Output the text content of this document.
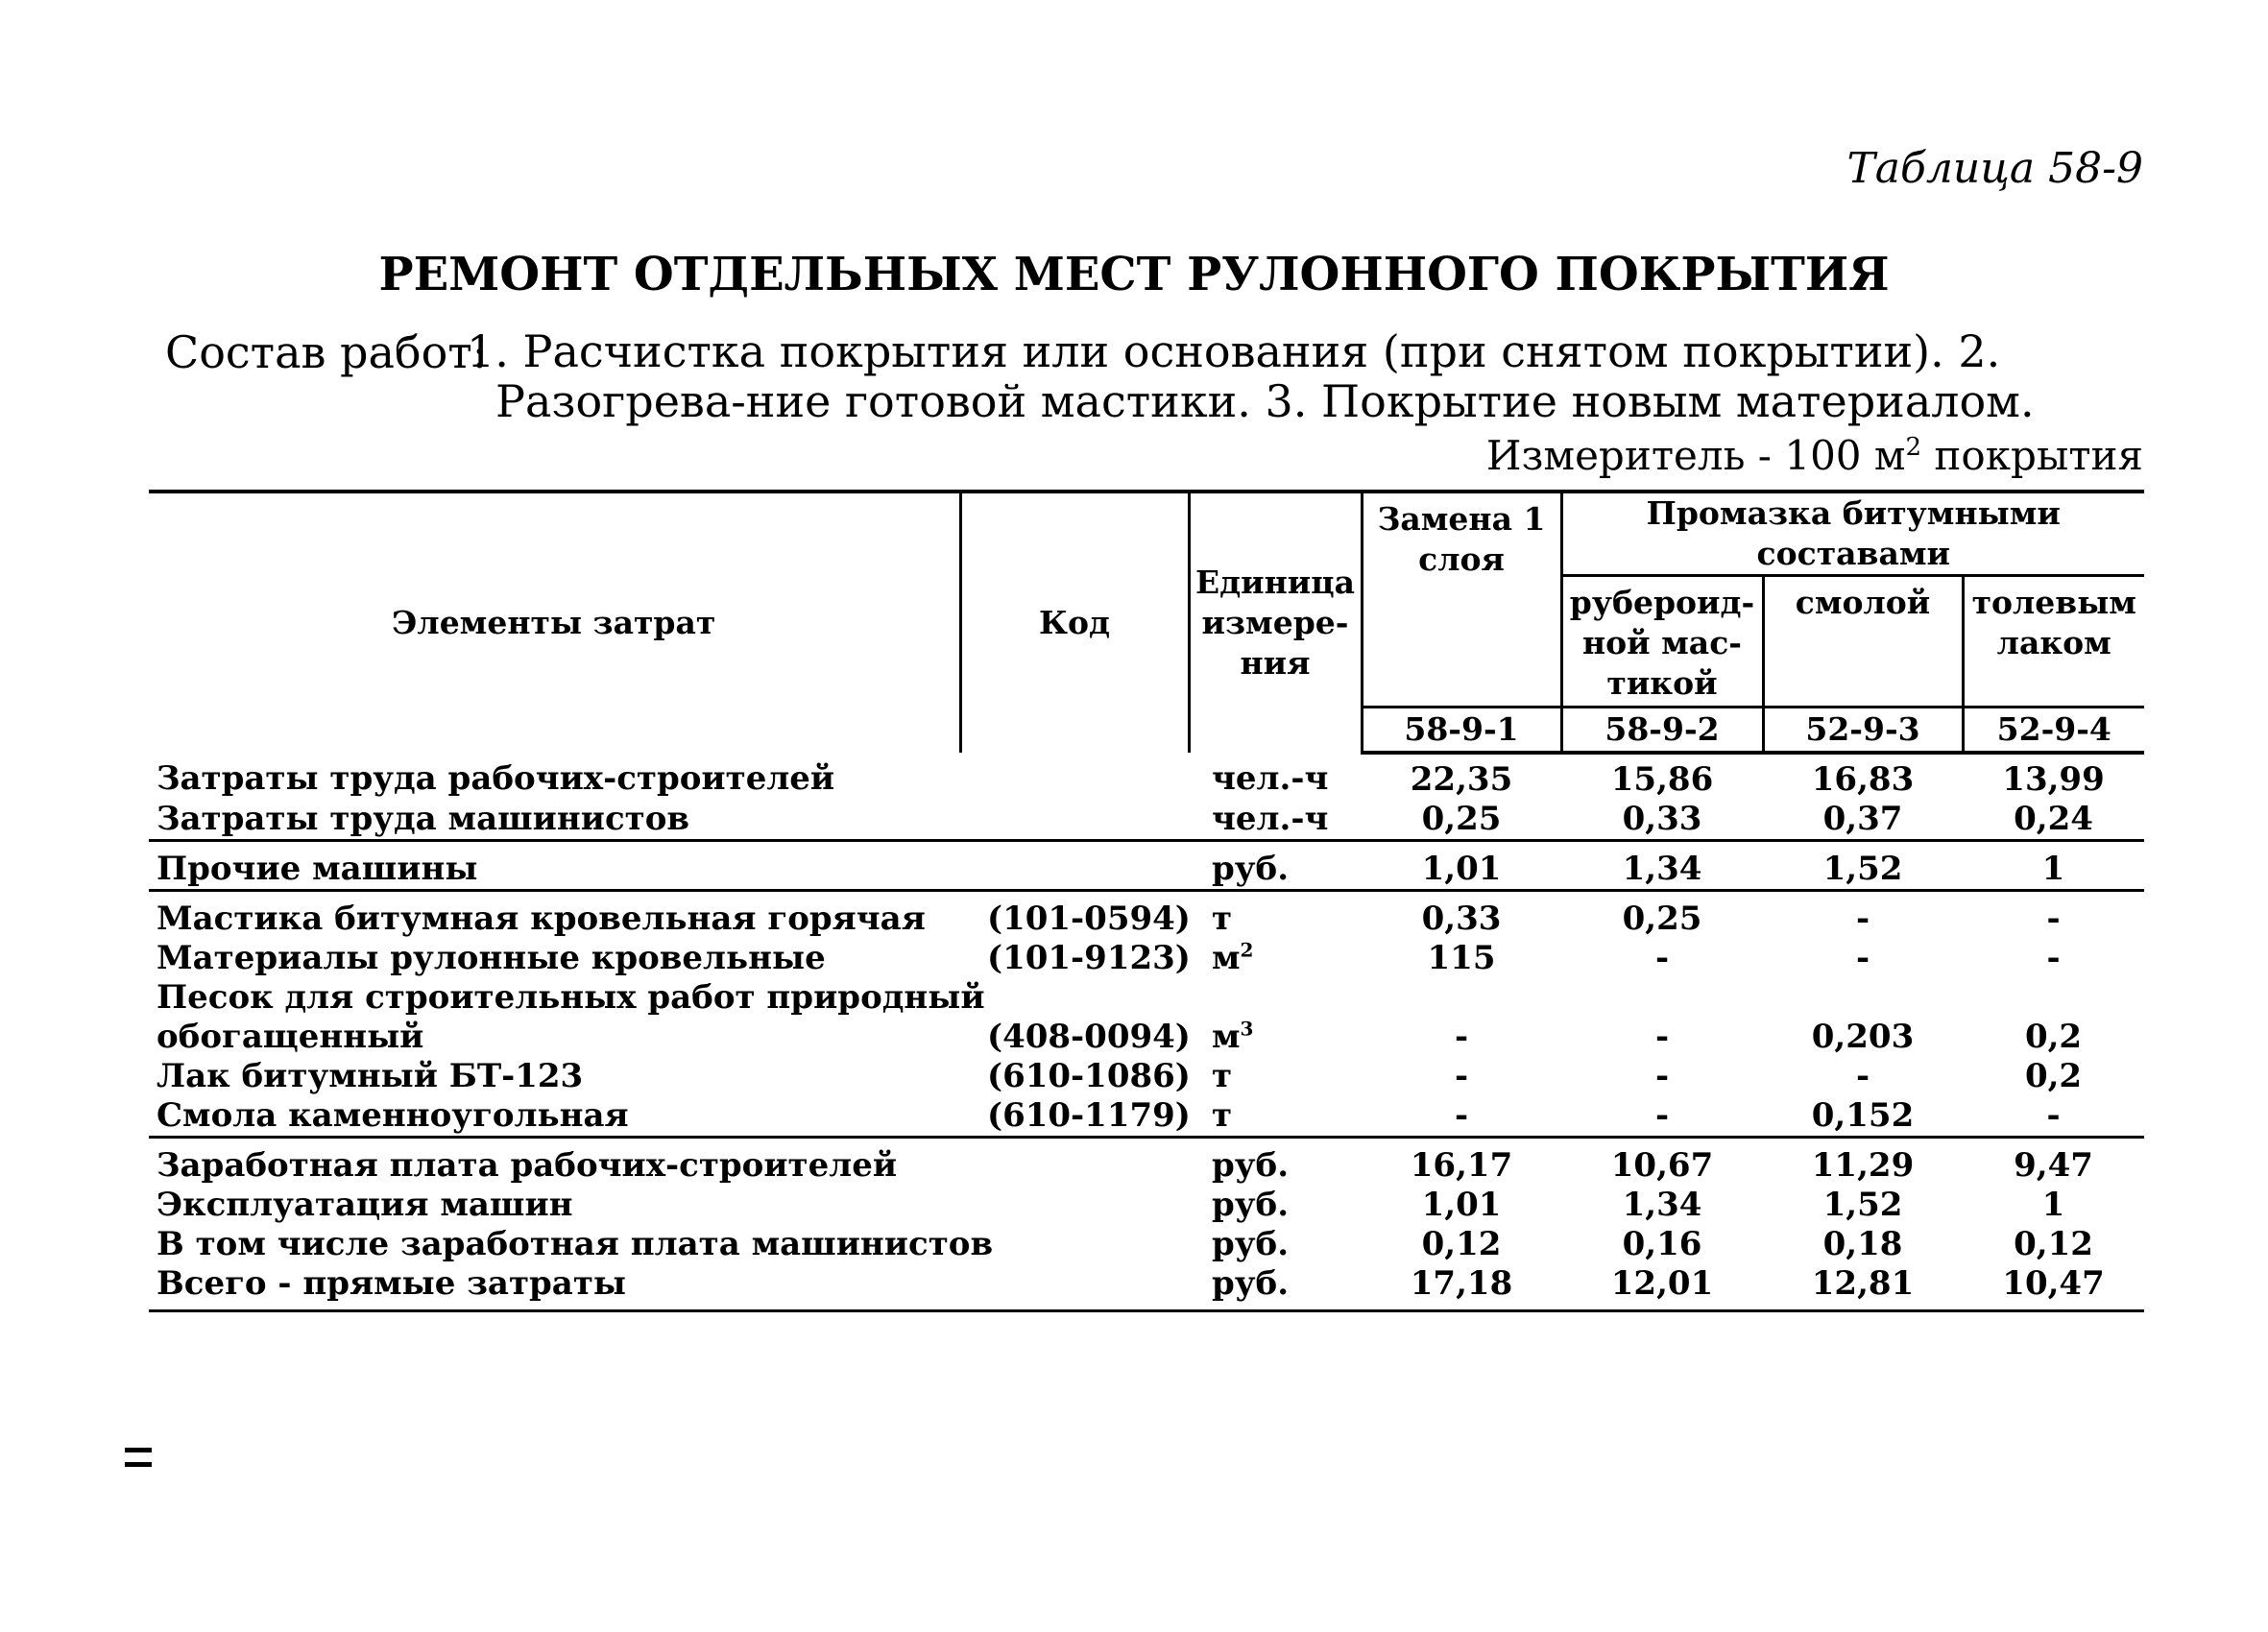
Таблица 58-9
РЕМОНТ ОТДЕЛЬНЫХ МЕСТ РУЛОННОГО ПОКРЫТИЯ
Состав работ:
1. Расчистка покрытия или основания (при снятом покрытии). 2. Разогрева-ние готовой мастики. 3. Покрытие новым материалом.
Измеритель - 100 $м^2$ покрытия
Элементы затрат	Код	Единица измере-ния	Замена 1 слоя	Промазка битумными составами		
				рубероид-ной мас-тикой	смолой	толевым лаком
			58-9-1	58-9-2	52-9-3	52-9-4
Затраты труда рабочих-строителей		чел.-ч	22,35	15,86	16,83	13,99
Затраты труда машинистов		чел.-ч	0,25	0,33	0,37	0,24
Прочие машины		руб.	1,01	1,34	1,52	1
Мастика битумная кровельная горячая	(101-0594)	т	0,33	0,25	-	-
Материалы рулонные кровельные	(101-9123)	$м^2$	115	-	-	-
Песок для строительных работ природный						
обогащенный	(408-0094)	$м^3$	-	-	0,203	0,2
Лак битумный БТ-123	(610-1086)	т	-	-	-	0,2
Смола каменноугольная	(610-1179)	т	-	-	0,152	-
Заработная плата рабочих-строителей		руб.	16,17	10,67	11,29	9,47
Эксплуатация машин		руб.	1,01	1,34	1,52	1
В том числе заработная плата машинистов		руб.	0,12	0,16	0,18	0,12
Всего - прямые затраты		руб.	17,18	12,01	12,81	10,47
